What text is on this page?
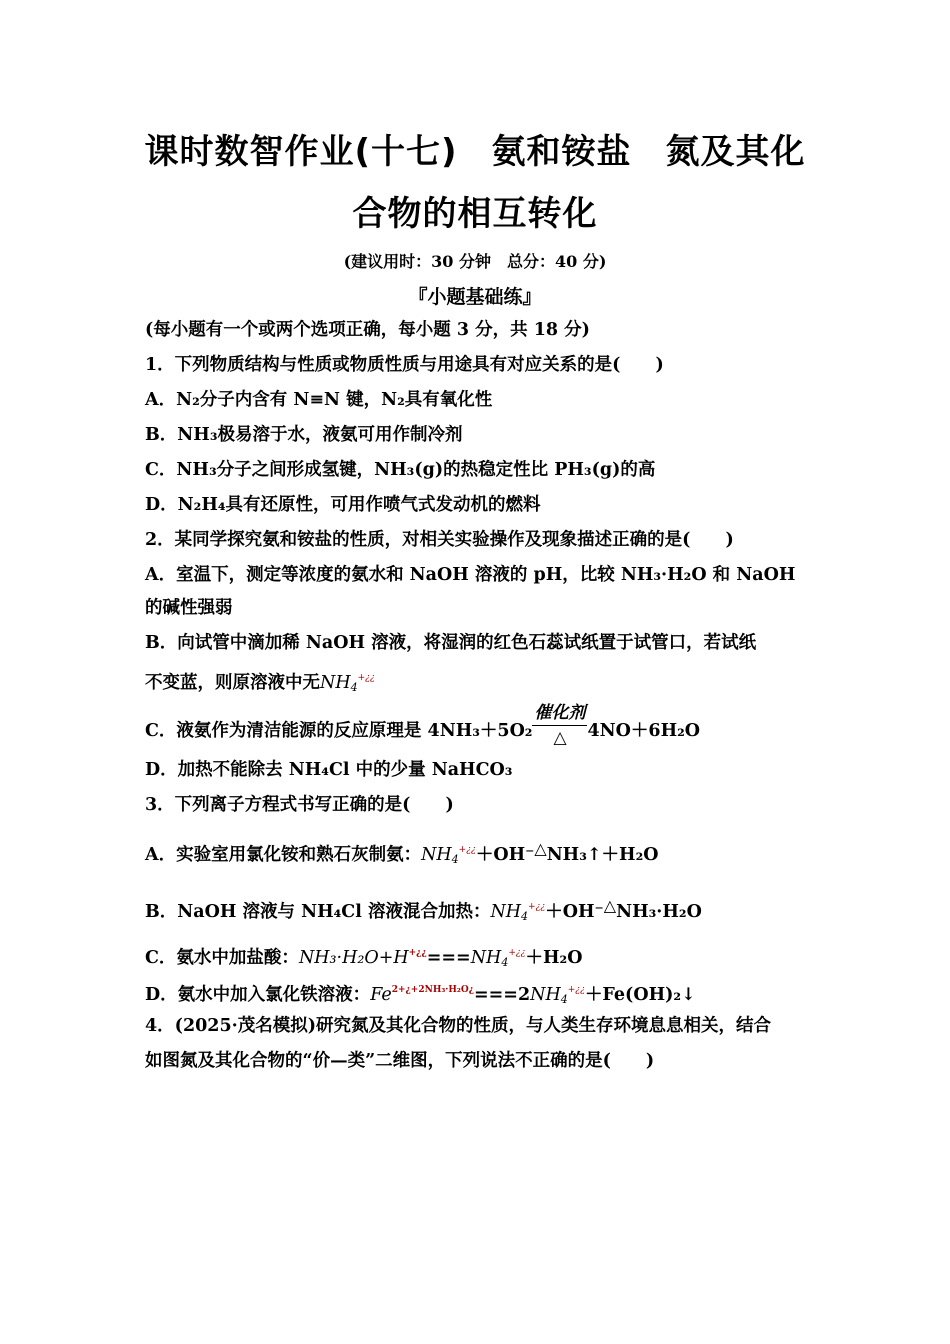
课时数智作业(十七) 氨和铵盐 氮及其化
合物的相互转化
(建议用时：30 分钟　总分：40 分)
『小题基础练』
(每小题有一个或两个选项正确，每小题 3 分，共 18 分)
1．下列物质结构与性质或物质性质与用途具有对应关系的是(　　)
A．N₂分子内含有 N≡N 键，N₂具有氧化性
B．NH₃极易溶于水，液氨可用作制冷剂
C．NH₃分子之间形成氢键，NH₃(g)的热稳定性比 PH₃(g)的高
D．N₂H₄具有还原性，可用作喷气式发动机的燃料
2．某同学探究氨和铵盐的性质，对相关实验操作及现象描述正确的是(　　)
A．室温下，测定等浓度的氨水和 NaOH 溶液的 pH，比较 NH₃·H₂O 和 NaOH
的碱性强弱
B．向试管中滴加稀 NaOH 溶液，将湿润的红色石蕊试纸置于试管口，若试纸
不变蓝，则原溶液中无$NH_4^{+¿¿}$
C．液氨作为清洁能源的反应原理是 $4NH_3+5O_2 \frac{\text{催化剂}}{\triangle} 4NO+6H_2O$
D．加热不能除去 NH₄Cl 中的少量 NaHCO₃
3．下列离子方程式书写正确的是(　　)
A．实验室用氯化铵和熟石灰制氨：$NH_4^{+¿¿}+OH^-\triangle NH_3↑+H_2O$
B．NaOH 溶液与 NH₄Cl 溶液混合加热：$NH_4^{+¿¿}+OH^-\triangle NH_3\cdot H_2O$
C．氨水中加盐酸：$NH_3\cdot H_2O+H^{+¿¿}===NH_4^{+¿¿}+H_2O$
D．氨水中加入氯化铁溶液：$Fe^{2+¿+2NH_3\cdot H_2O¿}===2NH_4^{+¿¿}+Fe(OH)_2↓$
4．(2025·茂名模拟)研究氮及其化合物的性质，与人类生存环境息息相关，结合
如图氮及其化合物的“价—类”二维图，下列说法不正确的是(　　)
